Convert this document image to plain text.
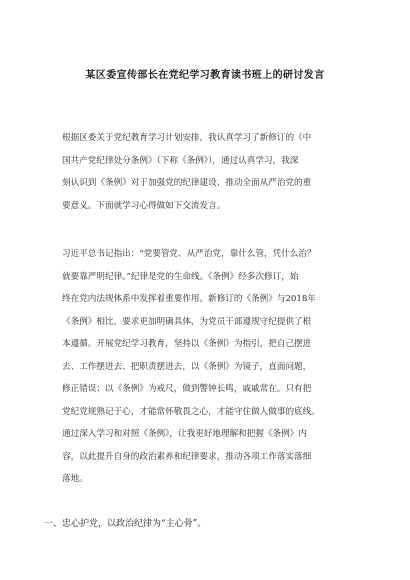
某区委宣传部长在党纪学习教育读书班上的研讨发言
根据区委关于党纪教育学习计划安排，我认真学习了新修订的《中
国共产党纪律处分条例》（下称《条例》），通过认真学习，我深
刻认识到《条例》对于加强党的纪律建设、推动全面从严治党的重
要意义。下面就学习心得做如下交流发言。
习近平总书记指出：“党要管党、从严治党，靠什么管，凭什么治？
就要靠严明纪律。”纪律是党的生命线。《条例》经多次修订，始
终在党内法规体系中发挥着重要作用。新修订的《条例》与2018年
《条例》相比，要求更加明确具体，为党员干部遵规守纪提供了根
本遵循。开展党纪学习教育，坚持以《条例》为指引，把自己摆进
去、工作摆进去、把职责摆进去，以《条例》为镜子，直面问题，
修正错误；以《条例》为戒尺，做到警钟长鸣，戚戚常在。只有把
党纪党规熟记于心，才能常怀敬畏之心，才能守住做人做事的底线。
通过深入学习和对照《条例》，让我更好地理解和把握《条例》内
容，以此提升自身的政治素养和纪律要求，推动各项工作落实落细
落地。
一、忠心护党，以政治纪律为“主心骨”。
